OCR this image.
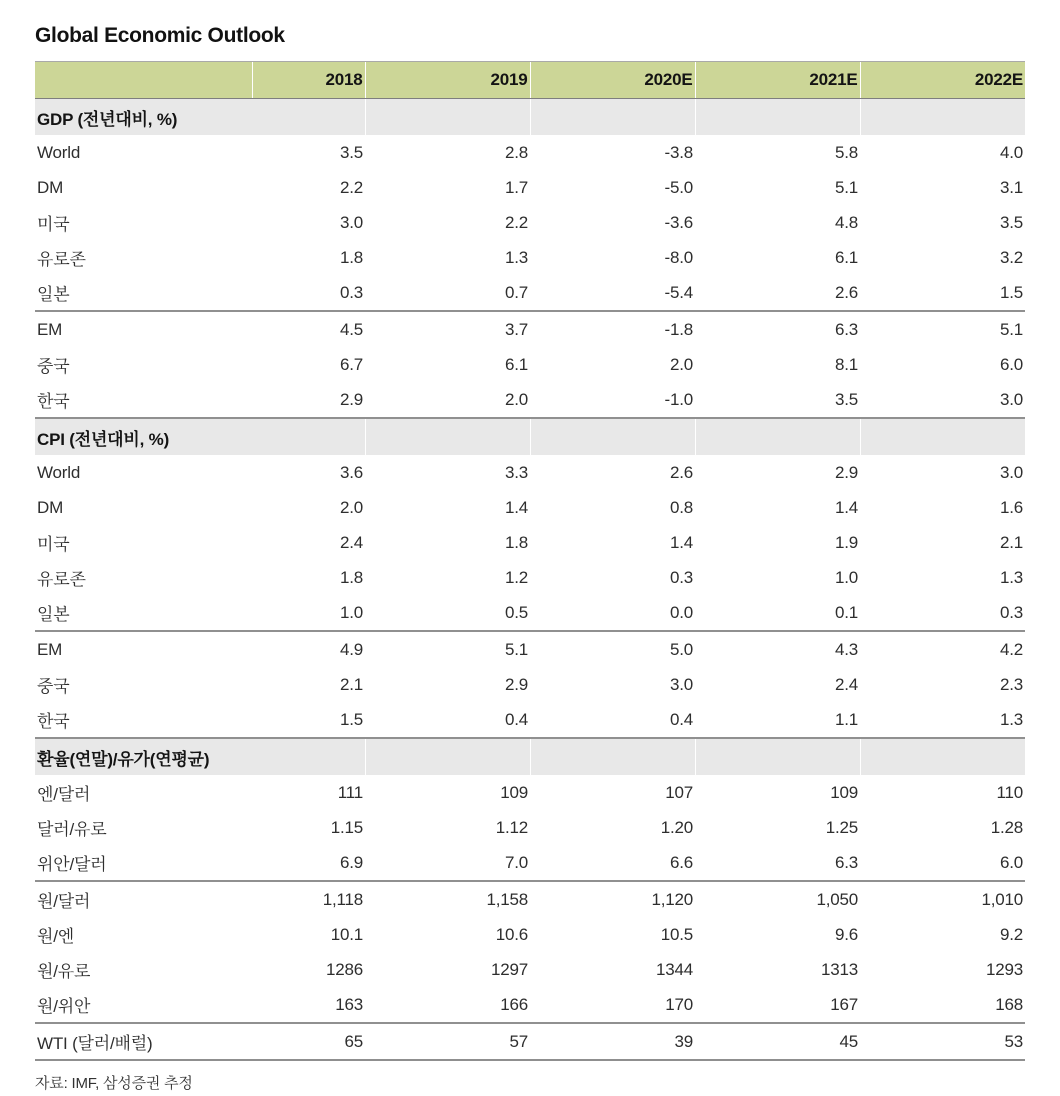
Global Economic Outlook
	2018	2019	2020E	2021E	2022E
GDP (전년대비, %)					
World	3.5	2.8	-3.8	5.8	4.0
DM	2.2	1.7	-5.0	5.1	3.1
미국	3.0	2.2	-3.6	4.8	3.5
유로존	1.8	1.3	-8.0	6.1	3.2
일본	0.3	0.7	-5.4	2.6	1.5
EM	4.5	3.7	-1.8	6.3	5.1
중국	6.7	6.1	2.0	8.1	6.0
한국	2.9	2.0	-1.0	3.5	3.0
CPI (전년대비, %)					
World	3.6	3.3	2.6	2.9	3.0
DM	2.0	1.4	0.8	1.4	1.6
미국	2.4	1.8	1.4	1.9	2.1
유로존	1.8	1.2	0.3	1.0	1.3
일본	1.0	0.5	0.0	0.1	0.3
EM	4.9	5.1	5.0	4.3	4.2
중국	2.1	2.9	3.0	2.4	2.3
한국	1.5	0.4	0.4	1.1	1.3
환율(연말)/유가(연평균)					
엔/달러	111	109	107	109	110
달러/유로	1.15	1.12	1.20	1.25	1.28
위안/달러	6.9	7.0	6.6	6.3	6.0
원/달러	1,118	1,158	1,120	1,050	1,010
원/엔	10.1	10.6	10.5	9.6	9.2
원/유로	1286	1297	1344	1313	1293
원/위안	163	166	170	167	168
WTI (달러/배럴)	65	57	39	45	53
자료: IMF, 삼성증권 추정
